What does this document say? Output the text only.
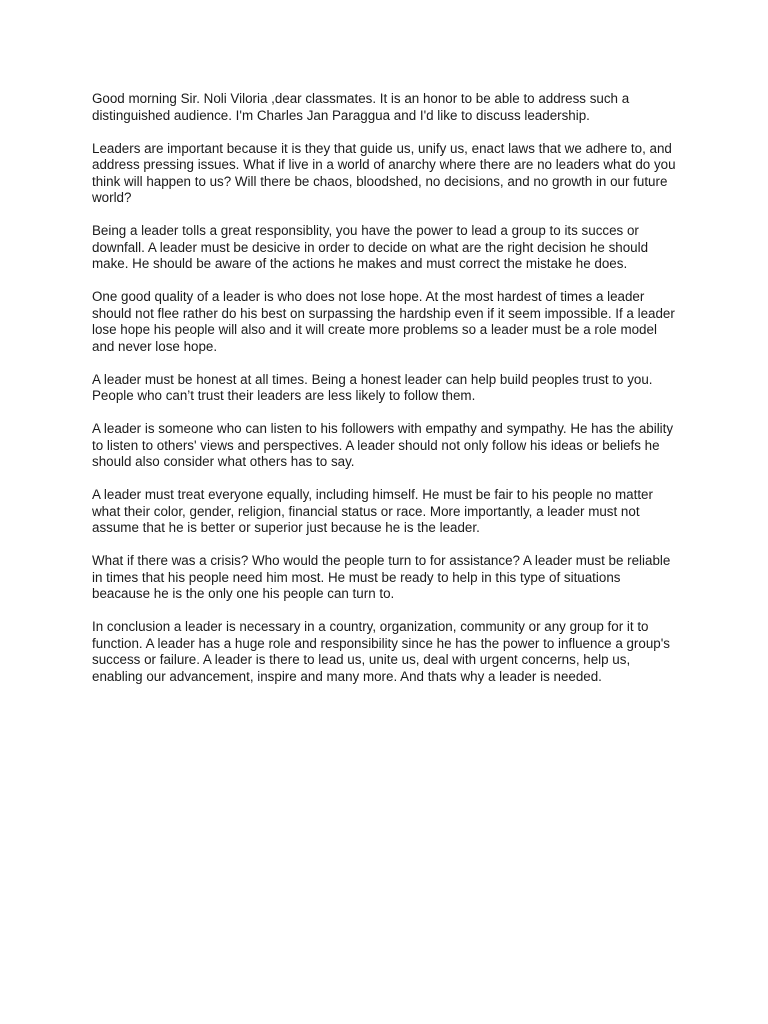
Good morning Sir. Noli Viloria ,dear classmates. It is an honor to be able to address such a distinguished audience. I'm Charles Jan Paraggua and I'd like to discuss leadership.

Leaders are important because it is they that guide us, unify us, enact laws that we adhere to, and address pressing issues. What if live in a world of anarchy where there are no leaders what do you think will happen to us? Will there be chaos, bloodshed, no decisions, and no growth in our future world?

Being a leader tolls a great responsiblity, you have the power to lead a group to its succes or downfall. A leader must be desicive in order to decide on what are the right decision he should make. He should be aware of the actions he makes and must correct the mistake he does.

One good quality of a leader is who does not lose hope. At the most hardest of times a leader should not flee rather do his best on surpassing the hardship even if it seem impossible. If a leader lose hope his people will also and it will create more problems so a leader must be a role model and never lose hope.

A leader must be honest at all times. Being a honest leader can help build peoples trust to you. People who can’t trust their leaders are less likely to follow them.

A leader is someone who can listen to his followers with empathy and sympathy. He has the ability to listen to others' views and perspectives. A leader should not only follow his ideas or beliefs he should also consider what others has to say.

A leader must treat everyone equally, including himself. He must be fair to his people no matter what their color, gender, religion, financial status or race. More importantly, a leader must not assume that he is better or superior just because he is the leader.

What if there was a crisis? Who would the people turn to for assistance? A leader must be reliable in times that his people need him most. He must be ready to help in this type of situations beacause he is the only one his people can turn to.

In conclusion a leader is necessary in a country, organization, community or any group for it to function. A leader has a huge role and responsibility since he has the power to influence a group's success or failure. A leader is there to lead us, unite us, deal with urgent concerns, help us, enabling our advancement, inspire and many more. And thats why a leader is needed.
